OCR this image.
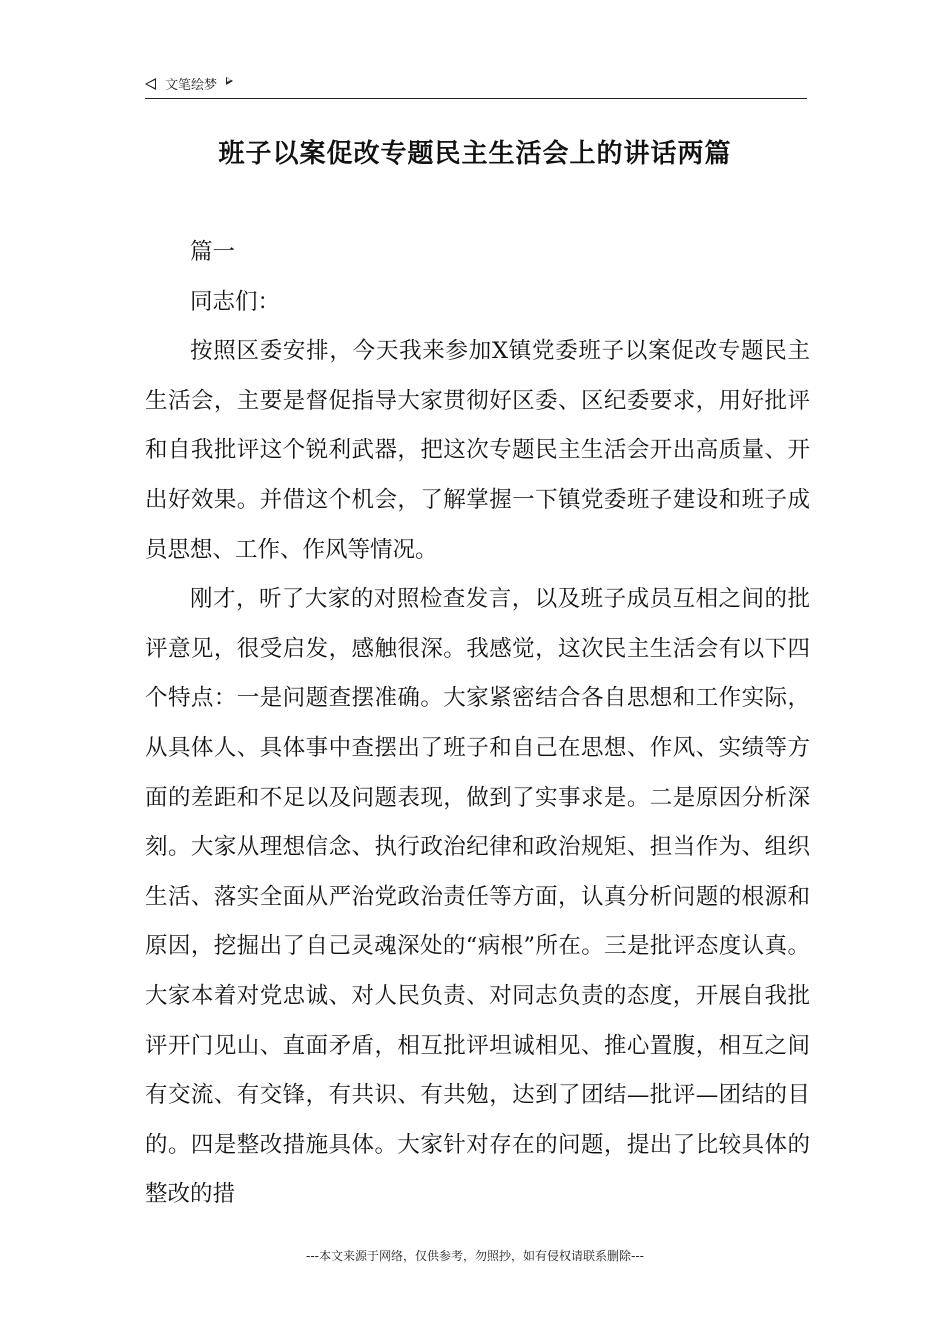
文笔绘梦
班子以案促改专题民主生活会上的讲话两篇

篇一

同志们：

按照区委安排，今天我来参加X镇党委班子以案促改专题民主生活会，主要是督促指导大家贯彻好区委、区纪委要求，用好批评和自我批评这个锐利武器，把这次专题民主生活会开出高质量、开出好效果。并借这个机会，了解掌握一下镇党委班子建设和班子成员思想、工作、作风等情况。

刚才，听了大家的对照检查发言，以及班子成员互相之间的批评意见，很受启发，感触很深。我感觉，这次民主生活会有以下四个特点：一是问题查摆准确。大家紧密结合各自思想和工作实际，从具体人、具体事中查摆出了班子和自己在思想、作风、实绩等方面的差距和不足以及问题表现，做到了实事求是。二是原因分析深刻。大家从理想信念、执行政治纪律和政治规矩、担当作为、组织生活、落实全面从严治党政治责任等方面，认真分析问题的根源和原因，挖掘出了自己灵魂深处的“病根”所在。三是批评态度认真。大家本着对党忠诚、对人民负责、对同志负责的态度，开展自我批评开门见山、直面矛盾，相互批评坦诚相见、推心置腹，相互之间有交流、有交锋，有共识、有共勉，达到了团结—批评—团结的目的。四是整改措施具体。大家针对存在的问题，提出了比较具体的整改的措

---本文来源于网络，仅供参考，勿照抄，如有侵权请联系删除---
